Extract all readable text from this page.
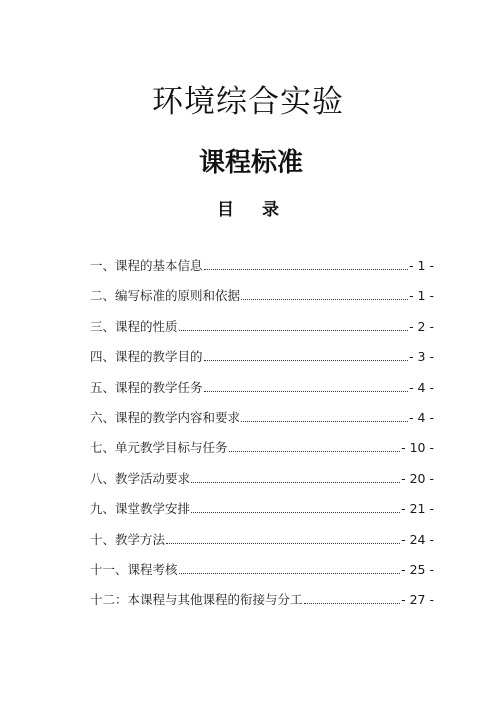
环境综合实验
课程标准
目 录
一、课程的基本信息	- 1 -
二、编写标准的原则和依据	- 1 -
三、课程的性质	- 2 -
四、课程的教学目的	- 3 -
五、课程的教学任务	- 4 -
六、课程的教学内容和要求	- 4 -
七、单元教学目标与任务	- 10 -
八、教学活动要求	- 20 -
九、课堂教学安排	- 21 -
十、教学方法	- 24 -
十一、课程考核	- 25 -
十二：本课程与其他课程的衔接与分工	- 27 -
